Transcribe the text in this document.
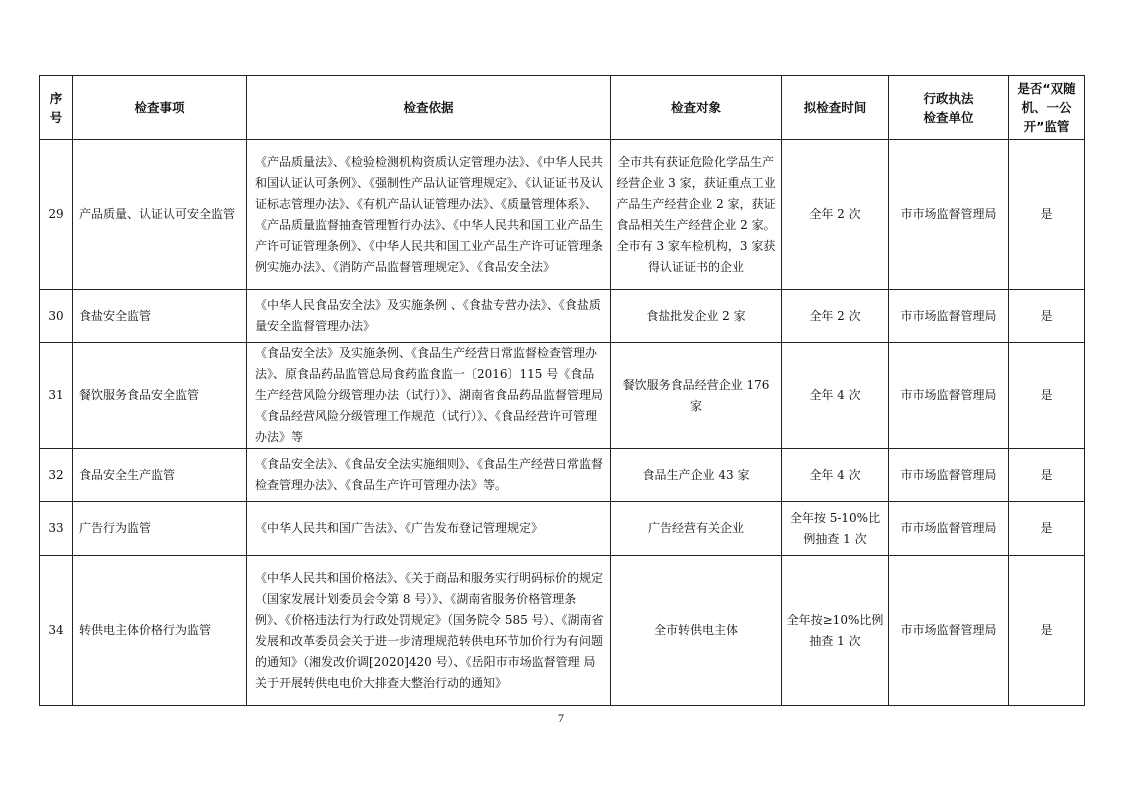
序号	检查事项	检查依据	检查对象	拟检查时间	行政执法检查单位	是否“双随机、一公开”监管

29	产品质量、认证认可安全监管	《产品质量法》、《检验检测机构资质认定管理办法》、《中华人民共和国认证认可条例》、《强制性产品认证管理规定》、《认证证书及认证标志管理办法》、《有机产品认证管理办法》、《质量管理体系》、《产品质量监督抽查管理暂行办法》、《中华人民共和国工业产品生产许可证管理条例》、《中华人民共和国工业产品生产许可证管理条例实施办法》、《消防产品监督管理规定》、《食品安全法》	全市共有获证危险化学品生产经营企业 3 家，获证重点工业产品生产经营企业 2 家，获证食品相关生产经营企业 2 家。全市有 3 家车检机构，3 家获得认证证书的企业	全年 2 次	市市场监督管理局	是
30	食盐安全监管	《中华人民食品安全法》及实施条例 、《食盐专营办法》、《食盐质量安全监督管理办法》	食盐批发企业 2 家	全年 2 次	市市场监督管理局	是
31	餐饮服务食品安全监管	《食品安全法》及实施条例、《食品生产经营日常监督检查管理办法》、原食品药品监管总局食药监食监一〔2016〕115 号《食品生产经营风险分级管理办法（试行）》、湖南省食品药品监督管理局《食品经营风险分级管理工作规范（试行）》、《食品经营许可管理办法》等	餐饮服务食品经营企业 176 家	全年 4 次	市市场监督管理局	是
32	食品安全生产监管	《食品安全法》、《食品安全法实施细则》、《食品生产经营日常监督检查管理办法》、《食品生产许可管理办法》等。	食品生产企业 43 家	全年 4 次	市市场监督管理局	是
33	广告行为监管	《中华人民共和国广告法》、《广告发布登记管理规定》	广告经营有关企业	全年按 5-10%比例抽查 1 次	市市场监督管理局	是
34	转供电主体价格行为监管	《中华人民共和国价格法》、《关于商品和服务实行明码标价的规定（国家发展计划委员会令第 8 号）》、《湖南省服务价格管理条例》、《价格违法行为行政处罚规定》（国务院令 585 号）、《湖南省发展和改革委员会关于进一步清理规范转供电环节加价行为有问题的通知》（湘发改价调[2020]420 号）、《岳阳市市场监督管理 局关于开展转供电电价大排查大整治行动的通知》	全市转供电主体	全年按≥10%比例抽查 1 次	市市场监督管理局	是
7
